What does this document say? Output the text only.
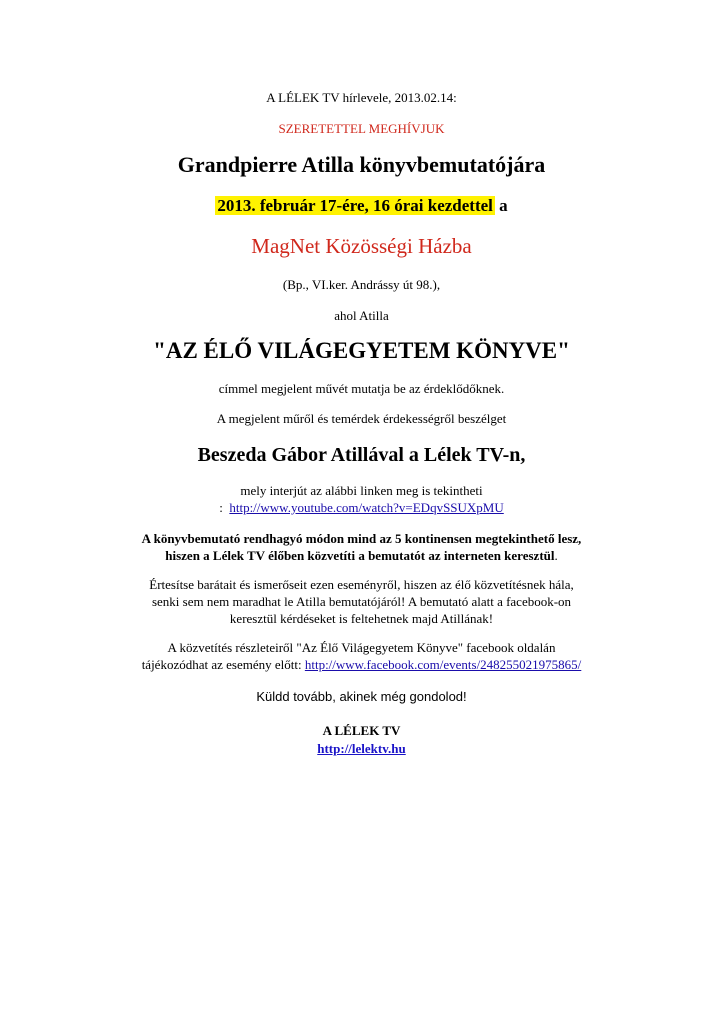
A LÉLEK TV hírlevele, 2013.02.14:
SZERETETTEL MEGHÍVJUK
Grandpierre Atilla könyvbemutatójára
2013. február 17-ére, 16 órai kezdettel a
MagNet Közösségi Házba
(Bp., VI.ker. Andrássy út 98.),
ahol Atilla
"AZ ÉLŐ VILÁGEGYETEM KÖNYVE"
címmel megjelent művét mutatja be az érdeklődőknek.
A megjelent műről és temérdek érdekességről beszélget
Beszeda Gábor Atillával a Lélek TV-n,
mely interjút az alábbi linken meg is tekintheti
: http://www.youtube.com/watch?v=EDqvSSUXpMU
A könyvbemutató rendhagyó módon mind az 5 kontinensen megtekinthető lesz,
hiszen a Lélek TV élőben közvetíti a bemutatót az interneten keresztül.
Értesítse barátait és ismerőseit ezen eseményről, hiszen az élő közvetítésnek hála,
senki sem nem maradhat le Atilla bemutatójáról! A bemutató alatt a facebook-on
keresztül kérdéseket is feltehetnek majd Atillának!
A közvetítés részleteiről "Az Élő Világegyetem Könyve" facebook oldalán
tájékozódhat az esemény előtt: http://www.facebook.com/events/248255021975865/
Küldd tovább, akinek még gondolod!
A LÉLEK TV
http://lelektv.hu
